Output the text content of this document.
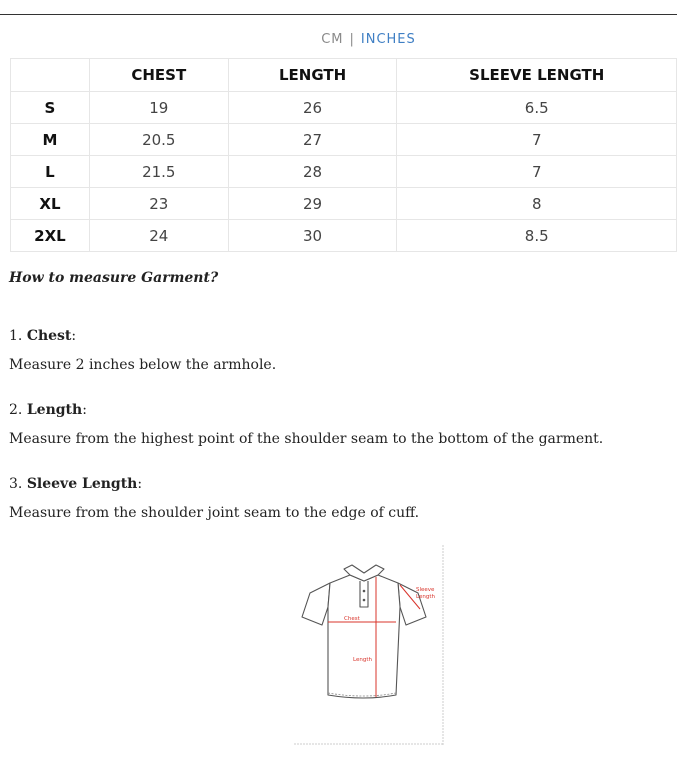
CM | INCHES
	CHEST	LENGTH	SLEEVE LENGTH
S	19	26	6.5
M	20.5	27	7
L	21.5	28	7
XL	23	29	8
2XL	24	30	8.5

How to measure Garment?

1. Chest:
Measure 2 inches below the armhole.
2. Length:
Measure from the highest point of the shoulder seam to the bottom of the garment.
3. Sleeve Length:
Measure from the shoulder joint seam to the edge of cuff.
Chest
Length
Sleeve
Length
